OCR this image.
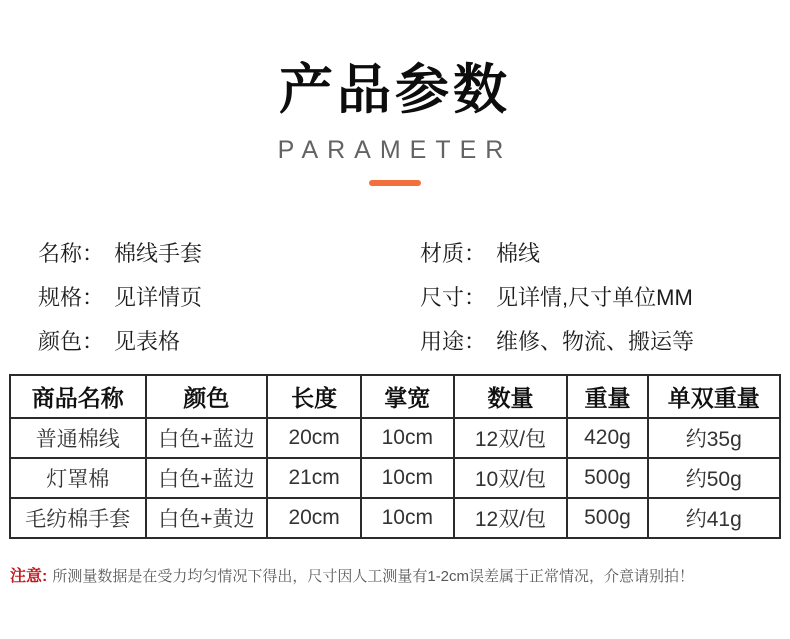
产品参数
PARAMETER
名称： 棉线手套
规格： 见详情页
颜色： 见表格
材质： 棉线
尺寸： 见详情,尺寸单位MM
用途： 维修、物流、搬运等
商品名称	颜色	长度	掌宽	数量	重量	单双重量
普通棉线	白色+蓝边	20cm	10cm	12双/包	420g	约35g
灯罩棉	白色+蓝边	21cm	10cm	10双/包	500g	约50g
毛纺棉手套	白色+黄边	20cm	10cm	12双/包	500g	约41g
注意: 所测量数据是在受力均匀情况下得出，尺寸因人工测量有1-2cm误差属于正常情况，介意请别拍！
